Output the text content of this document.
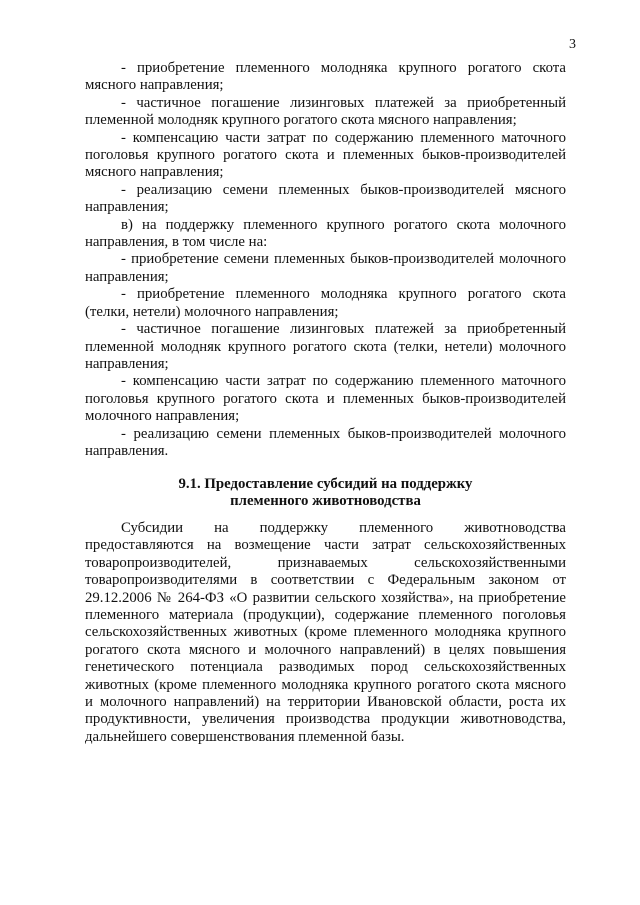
3

- приобретение племенного молодняка крупного рогатого скота мясного направления;

- частичное погашение лизинговых платежей за приобретенный племенной молодняк крупного рогатого скота мясного направления;

- компенсацию части затрат по содержанию племенного маточного поголовья крупного рогатого скота и племенных быков-производителей мясного направления;

- реализацию семени племенных быков-производителей мясного направления;

в) на поддержку племенного крупного рогатого скота молочного направления, в том числе на:

- приобретение семени племенных быков-производителей молочного направления;

- приобретение племенного молодняка крупного рогатого скота (телки, нетели) молочного направления;

- частичное погашение лизинговых платежей за приобретенный племенной молодняк крупного рогатого скота (телки, нетели) молочного направления;

- компенсацию части затрат по содержанию племенного маточного поголовья крупного рогатого скота и племенных быков-производителей молочного направления;

- реализацию семени племенных быков-производителей молочного направления.

9.1. Предоставление субсидий на поддержку
племенного животноводства

Субсидии на поддержку племенного животноводства предоставляются на возмещение части затрат сельскохозяйственных товаропроизводителей, признаваемых сельскохозяйственными товаропроизводителями в соответствии с Федеральным законом от 29.12.2006 № 264-ФЗ «О развитии сельского хозяйства», на приобретение племенного материала (продукции), содержание племенного поголовья сельскохозяйственных животных (кроме племенного молодняка крупного рогатого скота мясного и молочного направлений) в целях повышения генетического потенциала разводимых пород сельскохозяйственных животных (кроме племенного молодняка крупного рогатого скота мясного и молочного направлений) на территории Ивановской области, роста их продуктивности, увеличения производства продукции животноводства, дальнейшего совершенствования племенной базы.
